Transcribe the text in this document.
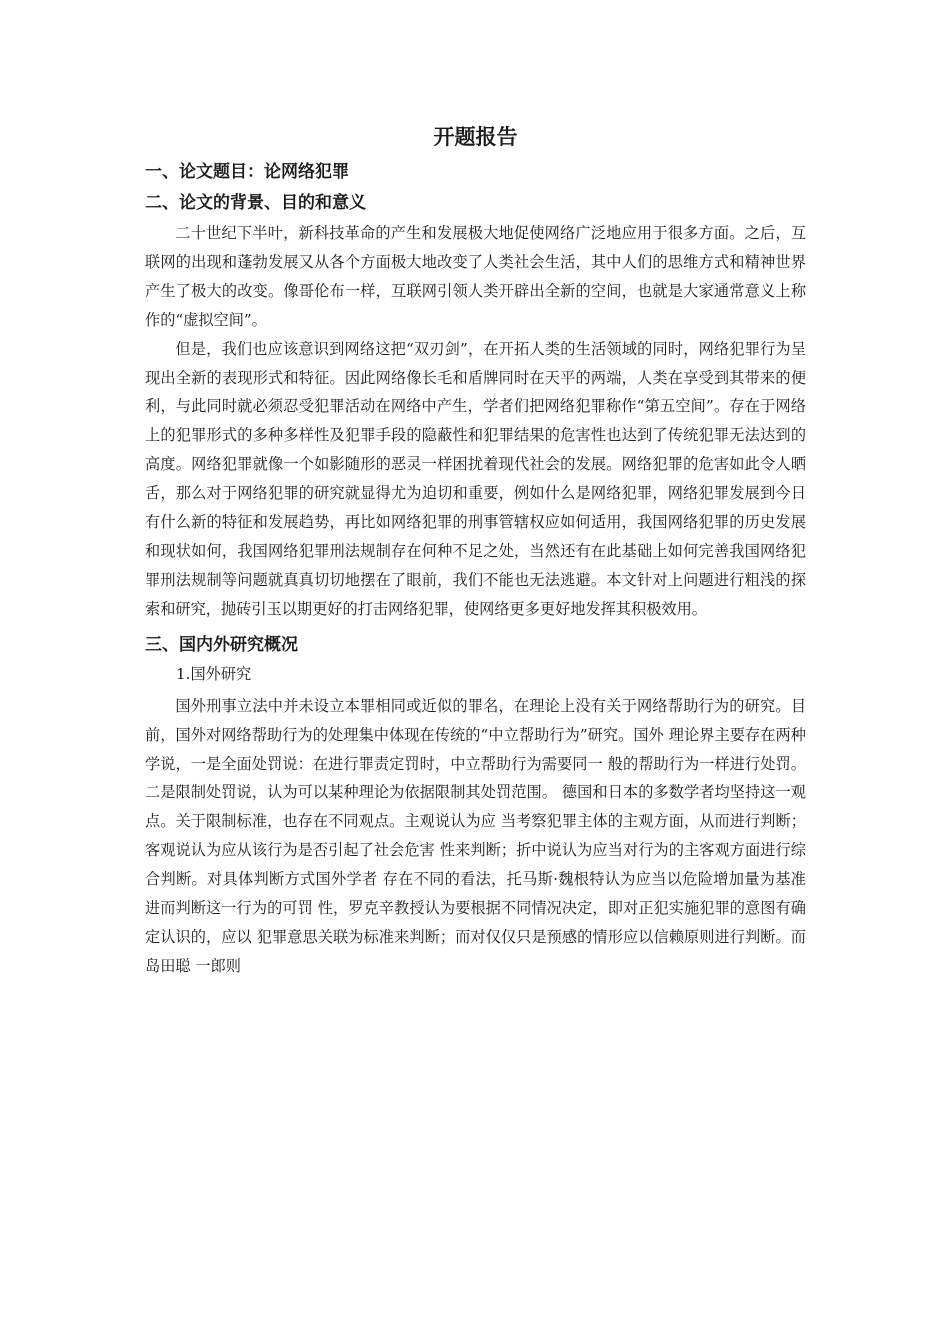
开题报告
一、论文题目：论网络犯罪
二、论文的背景、目的和意义

二十世纪下半叶，新科技革命的产生和发展极大地促使网络广泛地应用于很多方面。之后，互联网的出现和蓬勃发展又从各个方面极大地改变了人类社会生活，其中人们的思维方式和精神世界产生了极大的改变。像哥伦布一样，互联网引领人类开辟出全新的空间，也就是大家通常意义上称作的“虚拟空间”。

但是，我们也应该意识到网络这把“双刃剑”，在开拓人类的生活领域的同时，网络犯罪行为呈现出全新的表现形式和特征。因此网络像长毛和盾牌同时在天平的两端，人类在享受到其带来的便利，与此同时就必须忍受犯罪活动在网络中产生，学者们把网络犯罪称作“第五空间”。存在于网络上的犯罪形式的多种多样性及犯罪手段的隐蔽性和犯罪结果的危害性也达到了传统犯罪无法达到的高度。网络犯罪就像一个如影随形的恶灵一样困扰着现代社会的发展。网络犯罪的危害如此令人晒舌，那么对于网络犯罪的研究就显得尤为迫切和重要，例如什么是网络犯罪，网络犯罪发展到今日有什么新的特征和发展趋势，再比如网络犯罪的刑事管辖权应如何适用，我国网络犯罪的历史发展和现状如何，我国网络犯罪刑法规制存在何种不足之处，当然还有在此基础上如何完善我国网络犯罪刑法规制等问题就真真切切地摆在了眼前，我们不能也无法逃避。本文针对上问题进行粗浅的探索和研究，抛砖引玉以期更好的打击网络犯罪，使网络更多更好地发挥其积极效用。

三、国内外研究概况

1.国外研究

国外刑事立法中并未设立本罪相同或近似的罪名，在理论上没有关于网络帮助行为的研究。目前，国外对网络帮助行为的处理集中体现在传统的“中立帮助行为”研究。国外 理论界主要存在两种学说，一是全面处罚说：在进行罪责定罚时，中立帮助行为需要同一 般的帮助行为一样进行处罚。二是限制处罚说，认为可以某种理论为依据限制其处罚范围。 德国和日本的多数学者均坚持这一观点。关于限制标准，也存在不同观点。主观说认为应 当考察犯罪主体的主观方面，从而进行判断；客观说认为应从该行为是否引起了社会危害 性来判断；折中说认为应当对行为的主客观方面进行综合判断。对具体判断方式国外学者 存在不同的看法，托马斯·魏根特认为应当以危险增加量为基准进而判断这一行为的可罚 性，罗克辛教授认为要根据不同情况决定，即对正犯实施犯罪的意图有确定认识的，应以 犯罪意思关联为标准来判断；而对仅仅只是预感的情形应以信赖原则进行判断。而岛田聪 一郎则
